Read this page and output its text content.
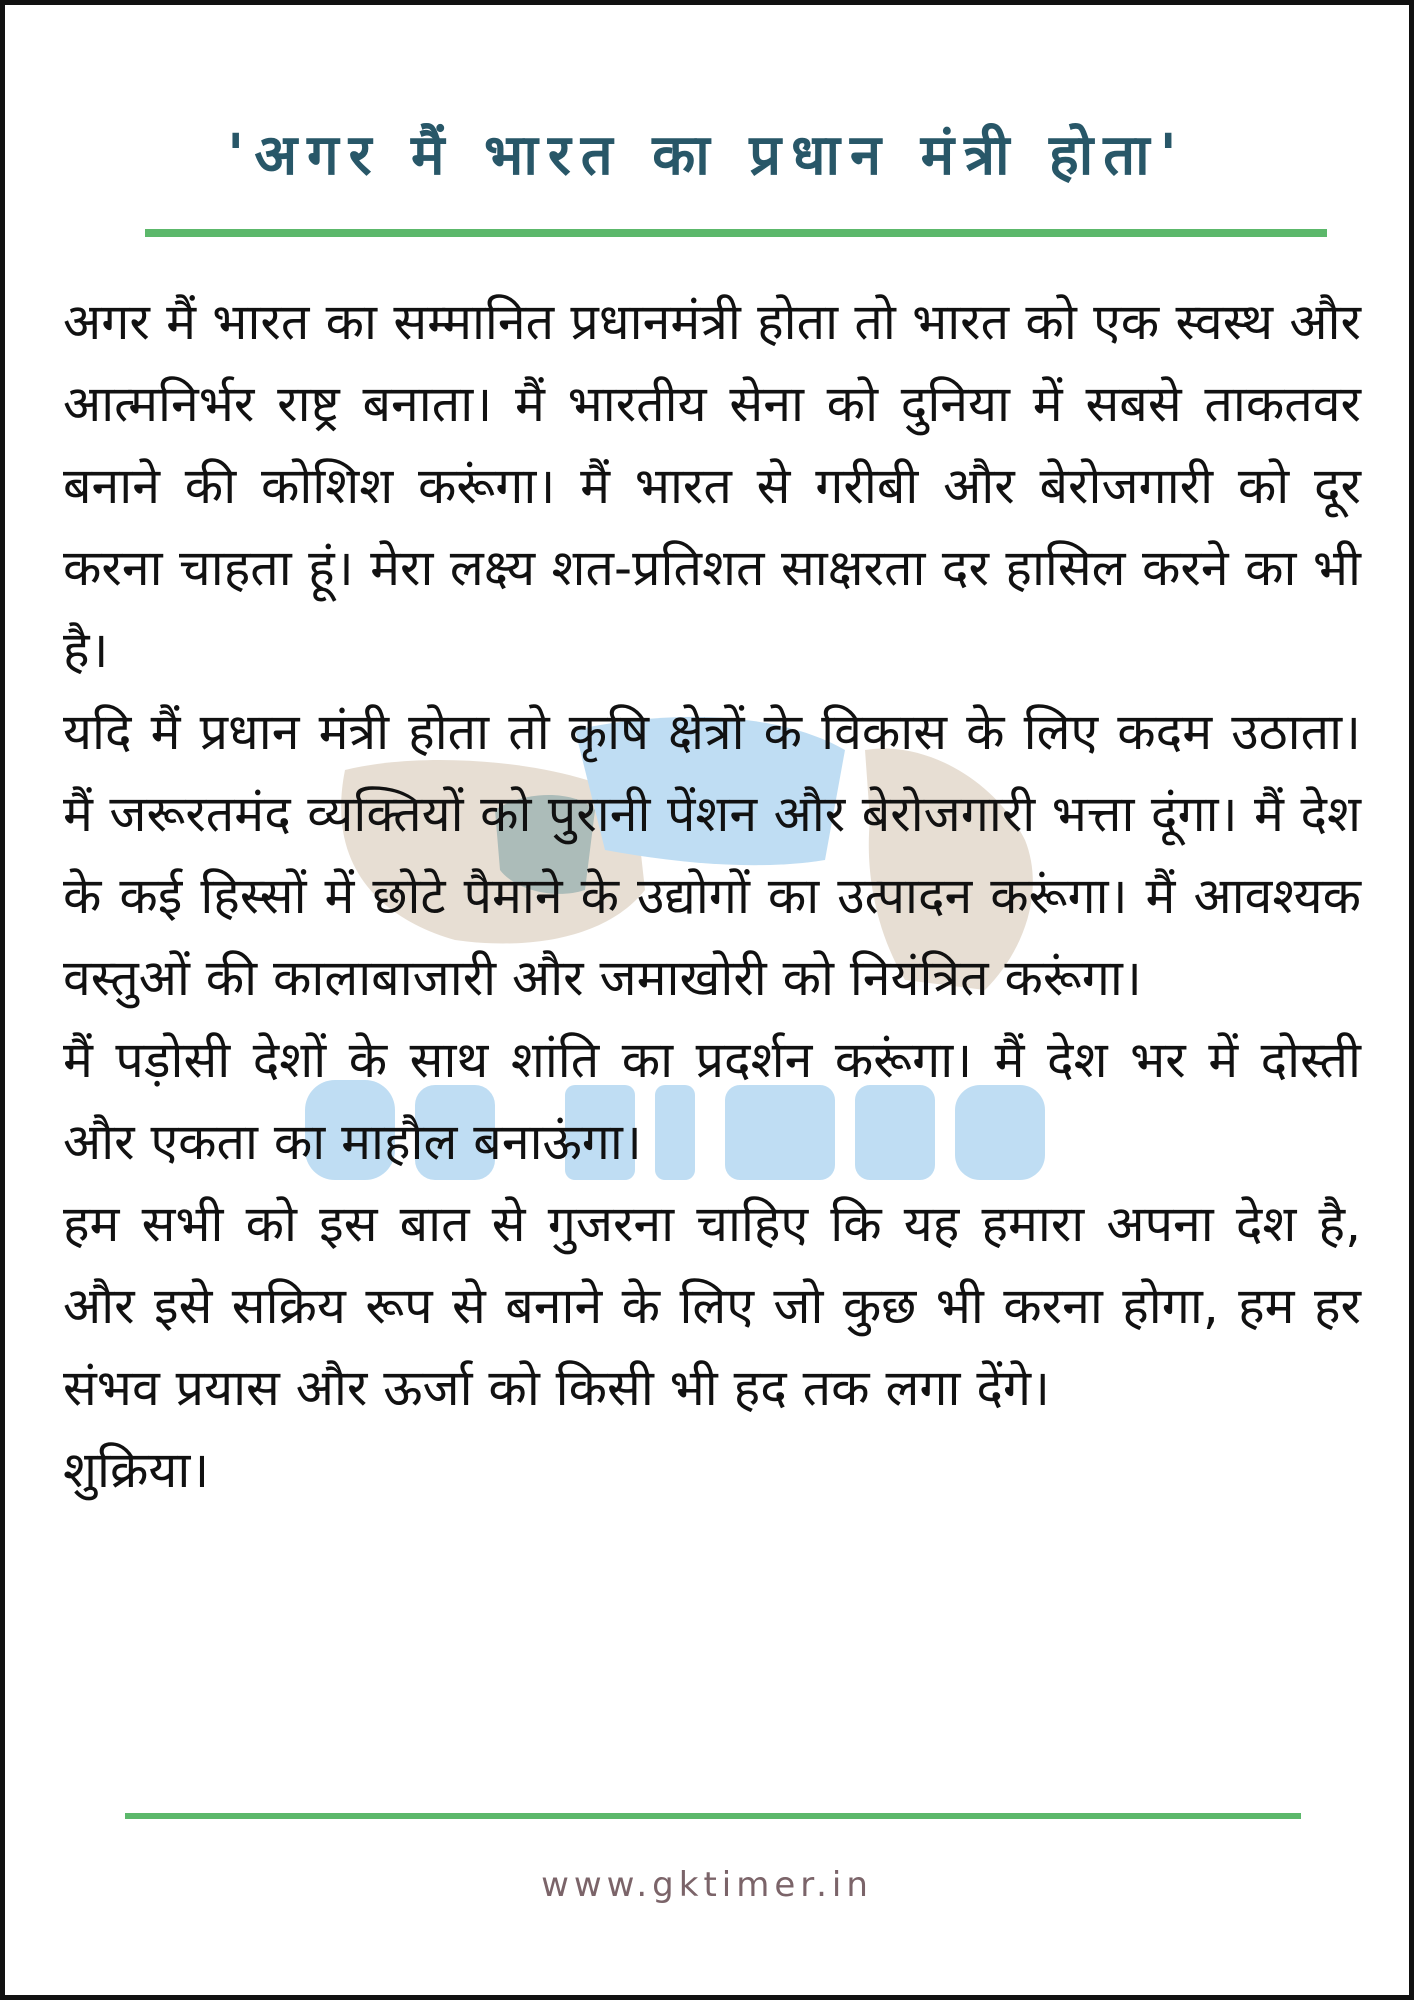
'अगर मैं भारत का प्रधान मंत्री होता'

अगर मैं भारत का सम्मानित प्रधानमंत्री होता तो भारत को एक स्वस्थ और आत्मनिर्भर राष्ट्र बनाता। मैं भारतीय सेना को दुनिया में सबसे ताकतवर बनाने की कोशिश करूंगा। मैं भारत से गरीबी और बेरोजगारी को दूर करना चाहता हूं। मेरा लक्ष्य शत-प्रतिशत साक्षरता दर हासिल करने का भी है।

यदि मैं प्रधान मंत्री होता तो कृषि क्षेत्रों के विकास के लिए कदम उठाता। मैं जरूरतमंद व्यक्तियों को पुरानी पेंशन और बेरोजगारी भत्ता दूंगा। मैं देश के कई हिस्सों में छोटे पैमाने के उद्योगों का उत्पादन करूंगा। मैं आवश्यक वस्तुओं की कालाबाजारी और जमाखोरी को नियंत्रित करूंगा।

मैं पड़ोसी देशों के साथ शांति का प्रदर्शन करूंगा। मैं देश भर में दोस्ती और एकता का माहौल बनाऊंगा।

हम सभी को इस बात से गुजरना चाहिए कि यह हमारा अपना देश है, और इसे सक्रिय रूप से बनाने के लिए जो कुछ भी करना होगा, हम हर संभव प्रयास और ऊर्जा को किसी भी हद तक लगा देंगे।

शुक्रिया।

www.gktimer.in
